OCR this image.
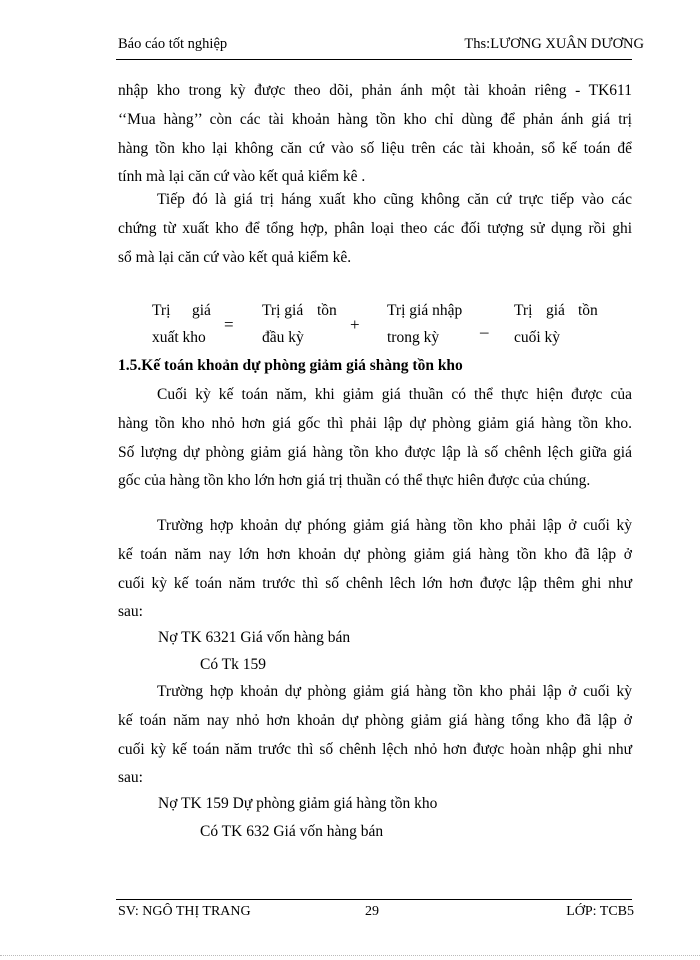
Báo cáo tốt nghiệp	Ths:LƯƠNG XUÂN DƯƠNG

nhập kho trong kỳ được theo dõi, phản ánh một tài khoản riêng - TK611

‘‘Mua hàng’’ còn các tài khoản hàng tồn kho chỉ dùng để phản ánh giá trị

hàng tồn kho lại không căn cứ vào số liệu trên các tài khoản, sổ kế toán để

tính mà lại căn cứ vào kết quả kiểm kê .

Tiếp đó là giá trị háng xuất kho cũng không căn cứ trực tiếp vào các

chứng từ xuất kho để tổng hợp, phân loại theo các đối tượng sử dụng rồi ghi

sổ mà lại căn cứ vào kết quả kiểm kê.

Trị giá
xuất kho
=
Trị giá tồn
đầu kỳ
+
Trị giá nhập
trong kỳ –
Trị giá tồn
cuối kỳ
1.5.Kế toán khoản dự phòng giảm giá shàng tồn kho

Cuối kỳ kế toán năm, khi giảm giá thuần có thể thực hiện được của

hàng tồn kho nhỏ hơn giá gốc thì phải lập dự phòng giảm giá hàng tồn kho.

Số lượng dự phòng giảm giá hàng tồn kho được lập là số chênh lệch giữa giá

gốc của hàng tồn kho lớn hơn giá trị thuần có thể thực hiên được của chúng.

Trường hợp khoản dự phóng giảm giá hàng tồn kho phải lập ở cuối kỳ

kế toán năm nay lớn hơn khoản dự phòng giảm giá hàng tồn kho đã lập ở

cuối kỳ kế toán năm trước thì số chênh lêch lớn hơn được lập thêm ghi như

sau:

Nợ TK 6321 Giá vốn hàng bán
Có Tk 159

Trường hợp khoản dự phòng giảm giá hàng tồn kho phải lập ở cuối kỳ

kế toán năm nay nhỏ hơn khoản dự phòng giảm giá hàng tổng kho đã lập ở

cuối kỳ kế toán năm trước thì số chênh lệch nhỏ hơn được hoàn nhập ghi như

sau:

Nợ TK 159 Dự phòng giảm giá hàng tồn kho
Có TK 632 Giá vốn hàng bán
SV: NGÔ THỊ TRANG	29	LỚP: TCB5
